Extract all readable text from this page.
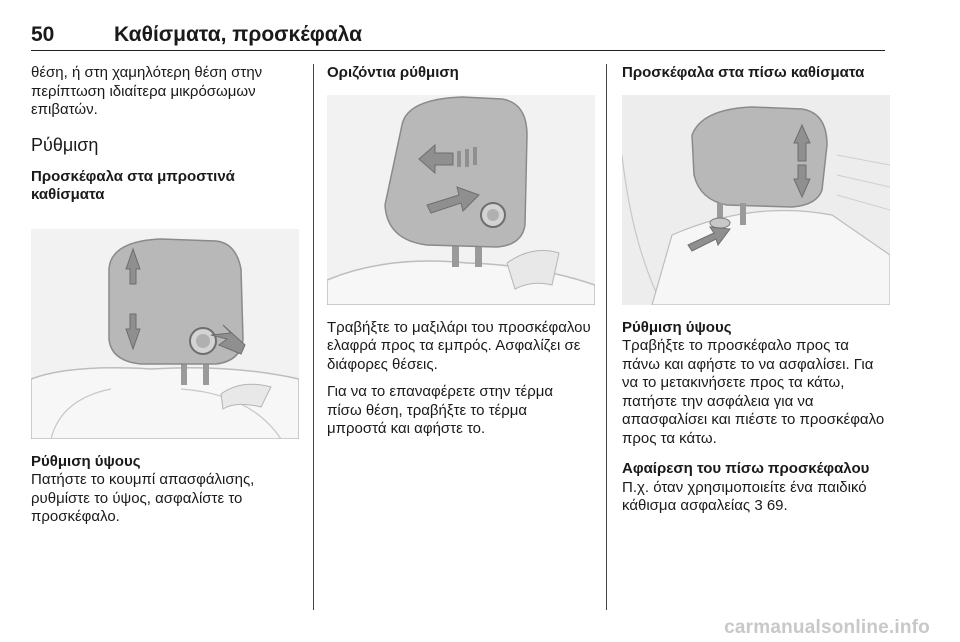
50	Καθίσματα, προσκέφαλα

θέση, ή στη χαμηλότερη θέση στην περίπτωση ιδιαίτερα μικρόσωμων επιβατών.

Ρύθμιση
Προσκέφαλα στα μπροστινά καθίσματα
Ρύθμιση ύψους

Πατήστε το κουμπί απασφάλισης, ρυθμίστε το ύψος, ασφαλίστε το προσκέφαλο.

Οριζόντια ρύθμιση

Τραβήξτε το μαξιλάρι του προσκέφαλου ελαφρά προς τα εμπρός. Ασφαλίζει σε διάφορες θέσεις.

Για να το επαναφέρετε στην τέρμα πίσω θέση, τραβήξτε το τέρμα μπροστά και αφήστε το.

Προσκέφαλα στα πίσω καθίσματα
Ρύθμιση ύψους

Τραβήξτε το προσκέφαλο προς τα πάνω και αφήστε το να ασφαλίσει. Για να το μετακινήσετε προς τα κάτω, πατήστε την ασφάλεια για να απασφαλίσει και πιέστε το προσκέφαλο προς τα κάτω.

Αφαίρεση του πίσω προσκέφαλου

Π.χ. όταν χρησιμοποιείτε ένα παιδικό κάθισμα ασφαλείας 3 69.

carmanualsonline.info
